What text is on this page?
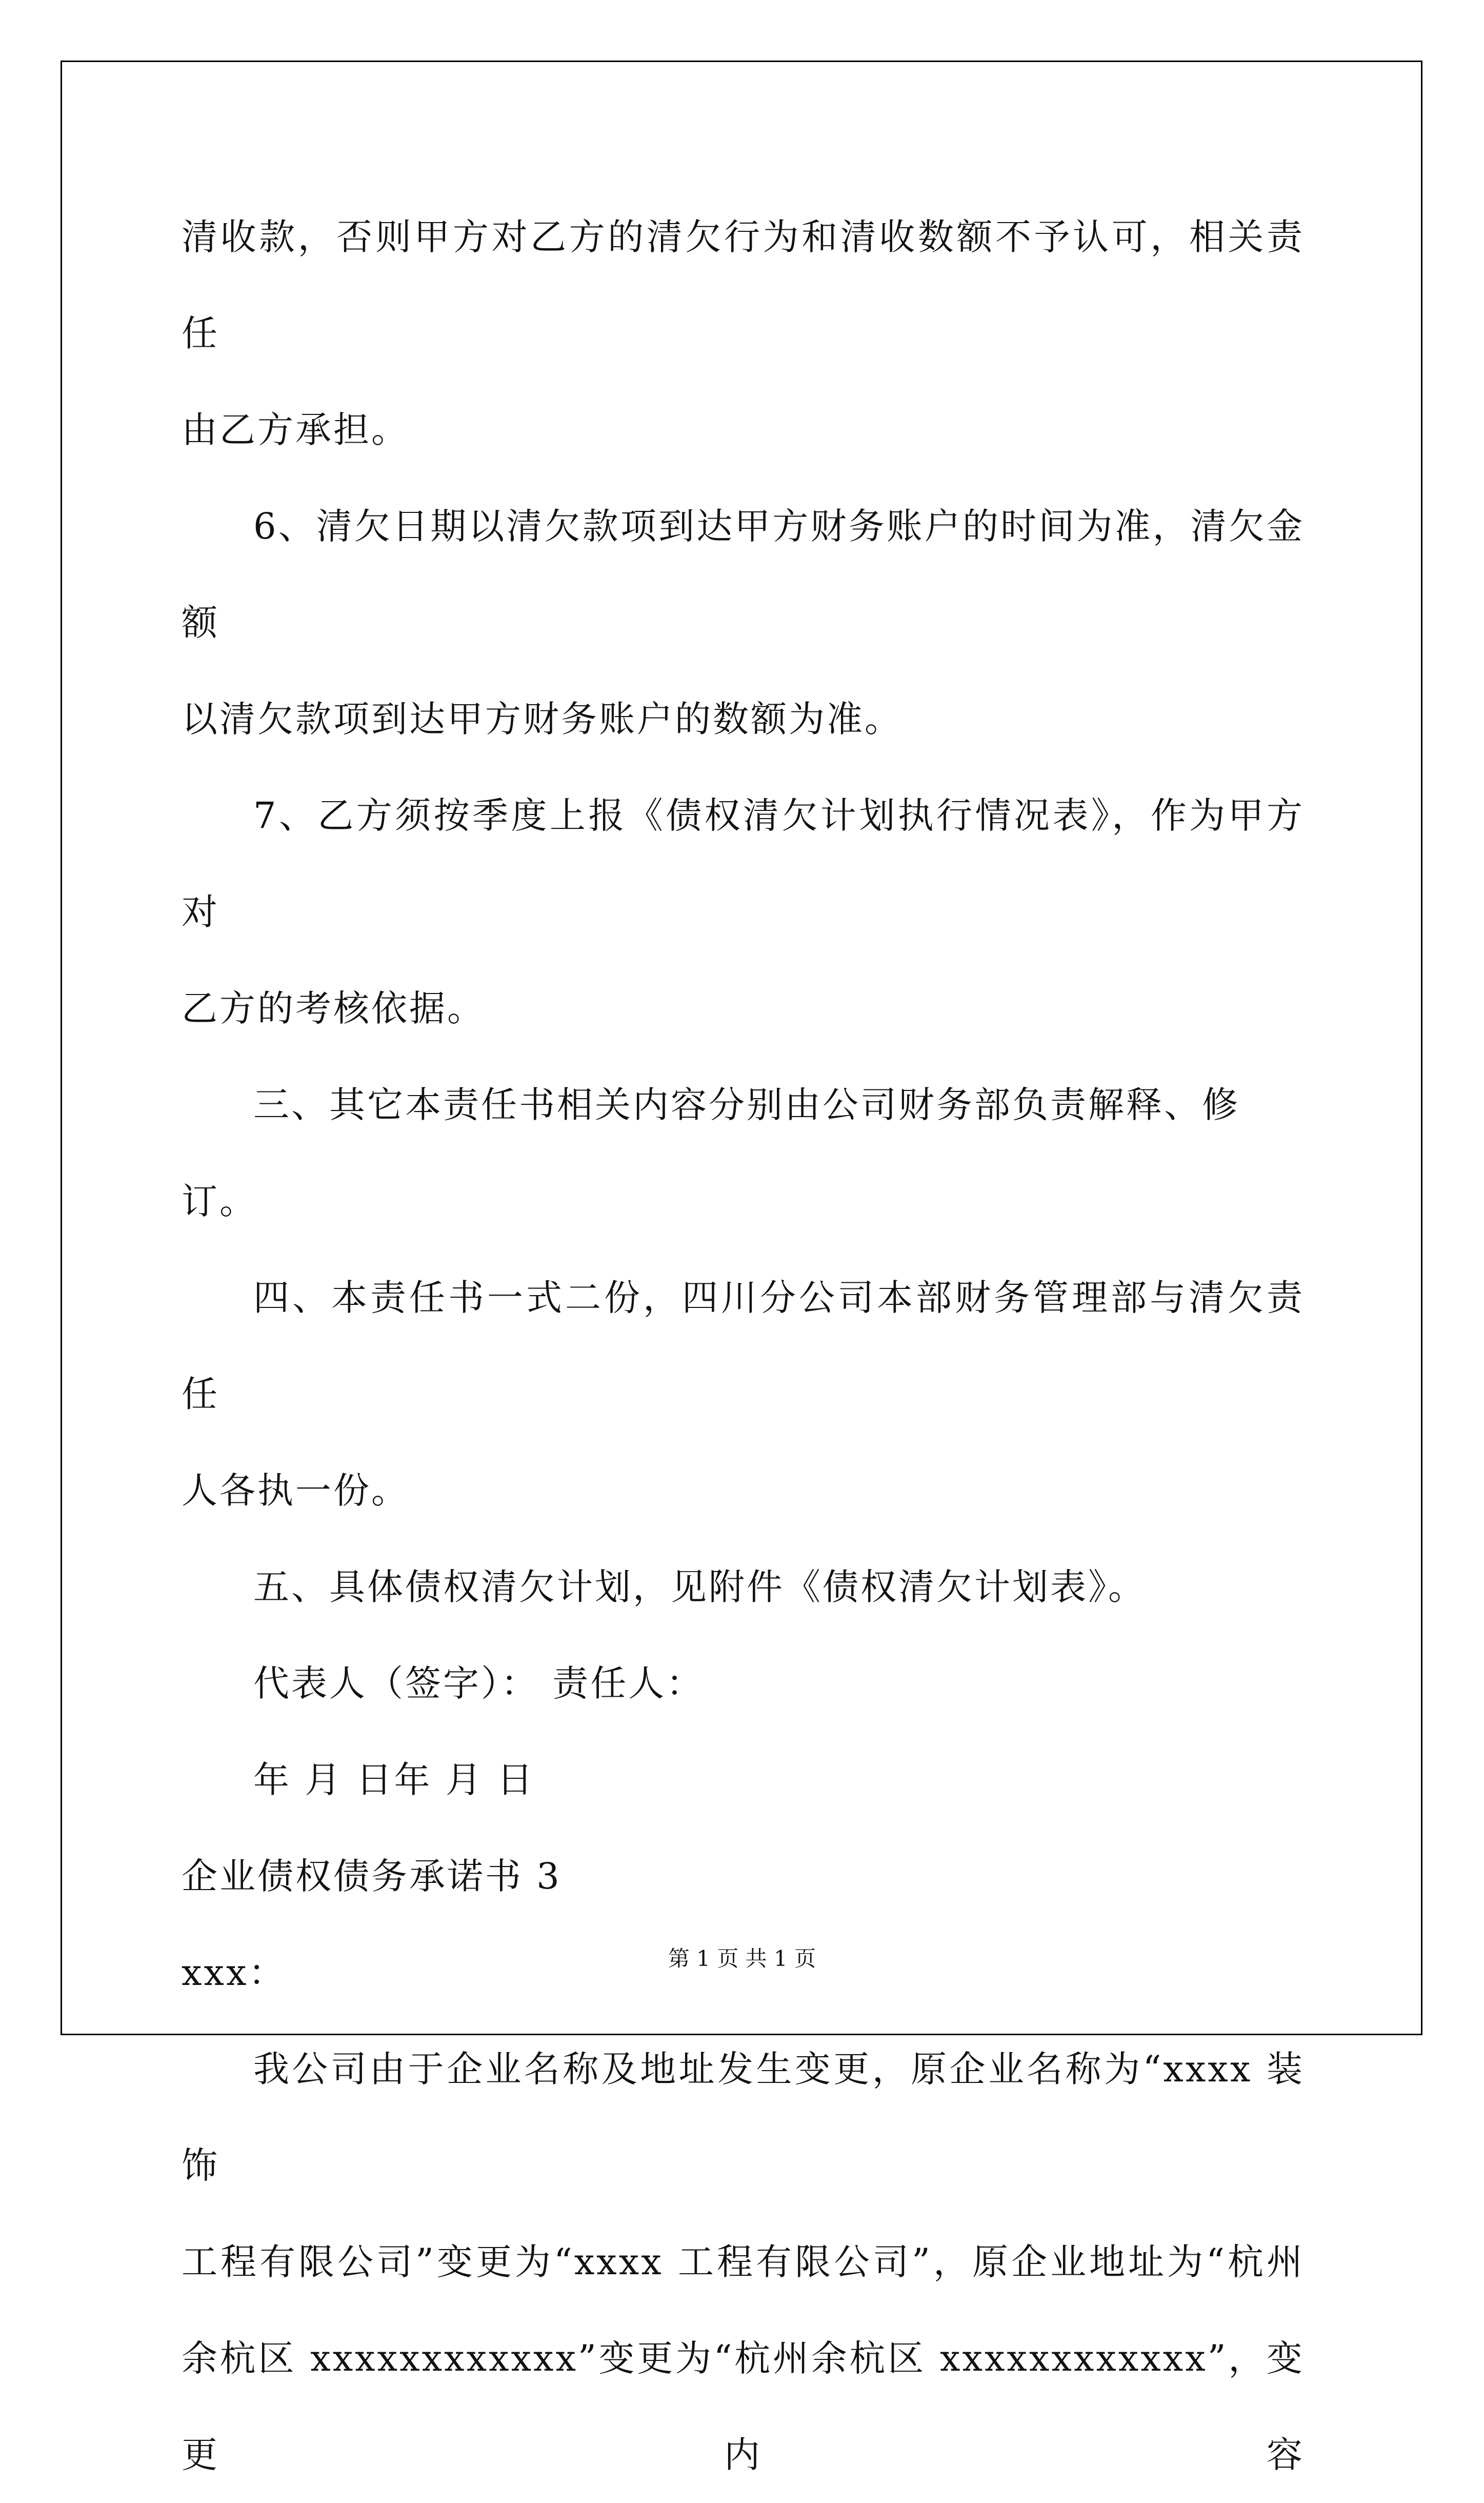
清收款，否则甲方对乙方的清欠行为和清收数额不予认可，相关责任

由乙方承担。

6、清欠日期以清欠款项到达甲方财务账户的时间为准，清欠金额

以清欠款项到达甲方财务账户的数额为准。

7、乙方须按季度上报《债权清欠计划执行情况表》，作为甲方对

乙方的考核依据。

三、其它本责任书相关内容分别由公司财务部负责解释、修订。

四、本责任书一式二份，四川分公司本部财务管理部与清欠责任

人各执一份。

五、具体债权清欠计划，见附件《债权清欠计划表》。

代表人（签字）： 责任人：

年 月 日年 月 日

企业债权债务承诺书 3

xxx：

我公司由于企业名称及地址发生变更，原企业名称为“xxxx 装饰

工程有限公司”变更为“xxxx 工程有限公司”，原企业地址为“杭州

余杭区 xxxxxxxxxxxx”变更为“杭州余杭区 xxxxxxxxxxxx”，变更内容

第 1 页 共 1 页
